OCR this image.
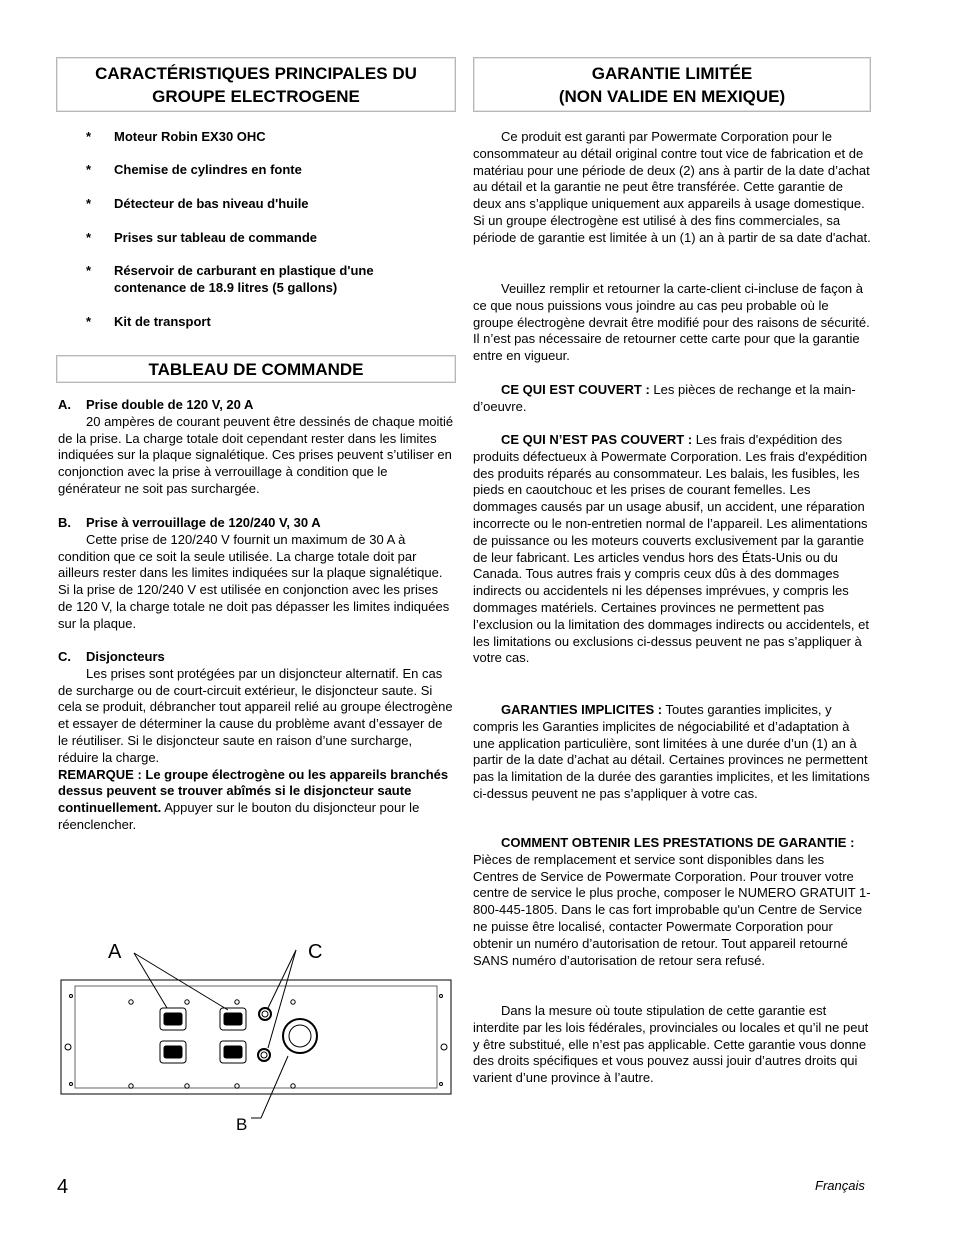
CARACTÉRISTIQUES PRINCIPALES DU
GROUPE ELECTROGENE
* Moteur Robin EX30 OHC
* Chemise de cylindres en fonte
* Détecteur de bas niveau d'huile
* Prises sur tableau de commande
* Réservoir de carburant en plastique d'une
contenance de 18.9 litres (5 gallons)
* Kit de transport
TABLEAU DE COMMANDE
A. Prise double de 120 V, 20 A

20 ampères de courant peuvent être dessinés de chaque moitié de la prise. La charge totale doit cependant rester dans les limites indiquées sur la plaque signalétique. Ces prises peuvent s’utiliser en conjonction avec la prise à verrouillage à condition que le générateur ne soit pas surchargée.

B. Prise à verrouillage de 120/240 V, 30 A

Cette prise de 120/240 V fournit un maximum de 30 A à condition que ce soit la seule utilisée. La charge totale doit par ailleurs rester dans les limites indiquées sur la plaque signalétique. Si la prise de 120/240 V est utilisée en conjonction avec les prises de 120 V, la charge totale ne doit pas dépasser les limites indiquées sur la plaque.

C. Disjoncteurs

Les prises sont protégées par un disjoncteur alternatif. En cas de surcharge ou de court-circuit extérieur, le disjoncteur saute. Si cela se produit, débrancher tout appareil relié au groupe électrogène et essayer de déterminer la cause du problème avant d’essayer de le réutiliser. Si le disjoncteur saute en raison d’une surcharge, réduire la charge.

REMARQUE : Le groupe électrogène ou les appareils branchés dessus peuvent se trouver abîmés si le disjoncteur saute continuellement. Appuyer sur le bouton du disjoncteur pour le réenclencher.
A	C
B
GARANTIE LIMITÉE
(NON VALIDE EN MEXIQUE)

Ce produit est garanti par Powermate Corporation pour le consommateur au détail original contre tout vice de fabrication et de matériau pour une période de deux (2) ans à partir de la date d’achat au détail et la garantie ne peut être transférée. Cette garantie de deux ans s’applique uniquement aux appareils à usage domestique. Si un groupe électrogène est utilisé à des fins commerciales, sa période de garantie est limitée à un (1) an à partir de sa date d'achat.

Veuillez remplir et retourner la carte-client ci-incluse de façon à ce que nous puissions vous joindre au cas peu probable où le groupe électrogène devrait être modifié pour des raisons de sécurité. Il n’est pas nécessaire de retourner cette carte pour que la garantie entre en vigueur.

CE QUI EST COUVERT : Les pièces de rechange et la main-d’oeuvre.

CE QUI N’EST PAS COUVERT : Les frais d'expédition des produits défectueux à Powermate Corporation. Les frais d'expédition des produits réparés au consommateur. Les balais, les fusibles, les pieds en caoutchouc et les prises de courant femelles. Les dommages causés par un usage abusif, un accident, une réparation incorrecte ou le non-entretien normal de l’appareil. Les alimentations de puissance ou les moteurs couverts exclusivement par la garantie de leur fabricant. Les articles vendus hors des États-Unis ou du Canada. Tous autres frais y compris ceux dûs à des dommages indirects ou accidentels ni les dépenses imprévues, y compris les dommages matériels. Certaines provinces ne permettent pas l’exclusion ou la limitation des dommages indirects ou accidentels, et les limitations ou exclusions ci-dessus peuvent ne pas s’appliquer à votre cas.

GARANTIES IMPLICITES : Toutes garanties implicites, y compris les Garanties implicites de négociabilité et d’adaptation à une application particulière, sont limitées à une durée d’un (1) an à partir de la date d’achat au détail. Certaines provinces ne permettent pas la limitation de la durée des garanties implicites, et les limitations ci-dessus peuvent ne pas s’appliquer à votre cas.

COMMENT OBTENIR LES PRESTATIONS DE GARANTIE : Pièces de remplacement et service sont disponibles dans les Centres de Service de Powermate Corporation. Pour trouver votre centre de service le plus proche, composer le NUMERO GRATUIT 1-800-445-1805. Dans le cas fort improbable qu'un Centre de Service ne puisse être localisé, contacter Powermate Corporation pour obtenir un numéro d’autorisation de retour. Tout appareil retourné SANS numéro d’autorisation de retour sera refusé.

Dans la mesure où toute stipulation de cette garantie est interdite par les lois fédérales, provinciales ou locales et qu’il ne peut y être substitué, elle n’est pas applicable. Cette garantie vous donne des droits spécifiques et vous pouvez aussi jouir d’autres droits qui varient d’une province à l’autre.

4	Français
